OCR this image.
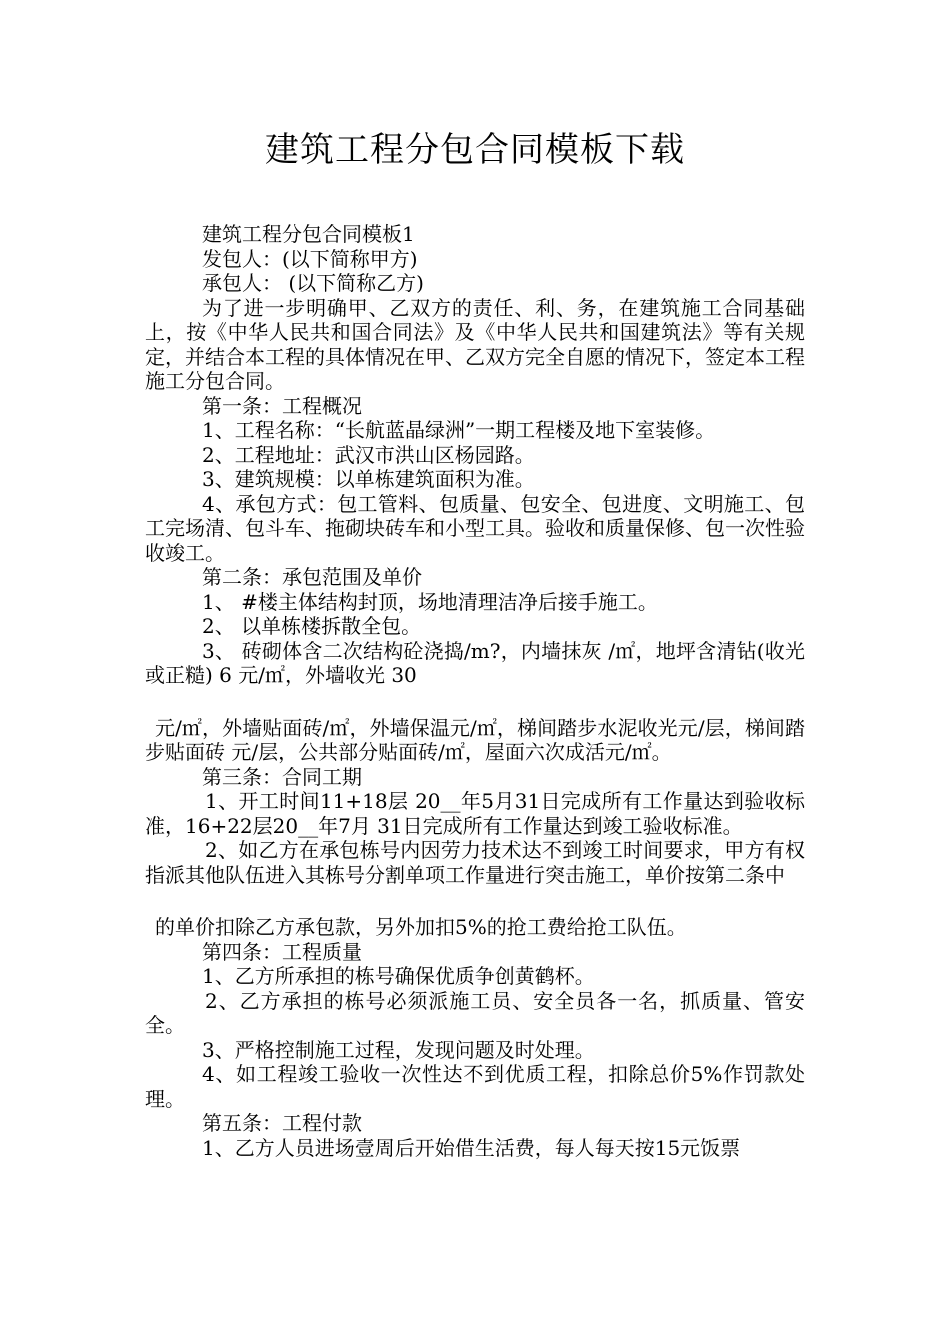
建筑工程分包合同模板下载

建筑工程分包合同模板1

发包人：(以下简称甲方)

承包人： (以下简称乙方)

为了进一步明确甲、乙双方的责任、利、务，在建筑施工合同基础上，按《中华人民共和国合同法》及《中华人民共和国建筑法》等有关规定，并结合本工程的具体情况在甲、乙双方完全自愿的情况下，签定本工程施工分包合同。

第一条：工程概况

1、工程名称：“长航蓝晶绿洲”一期工程楼及地下室装修。

2、工程地址：武汉市洪山区杨园路。

3、建筑规模：以单栋建筑面积为准。

4、承包方式：包工管料、包质量、包安全、包进度、文明施工、包工完场清、包斗车、拖砌块砖车和小型工具。验收和质量保修、包一次性验收竣工。

第二条：承包范围及单价

1、 #楼主体结构封顶，场地清理洁净后接手施工。

2、 以单栋楼拆散全包。

3、 砖砌体含二次结构砼浇捣/m?，内墙抹灰 /㎡，地坪含清钻(收光或正糙) 6 元/㎡，外墙收光 30

元/㎡，外墙贴面砖/㎡，外墙保温元/㎡，梯间踏步水泥收光元/层，梯间踏步贴面砖 元/层，公共部分贴面砖/㎡，屋面六次成活元/㎡。

第三条：合同工期

1、开工时间11+18层 20__年5月31日完成所有工作量达到验收标准，16+22层20__年7月 31日完成所有工作量达到竣工验收标准。

2、如乙方在承包栋号内因劳力技术达不到竣工时间要求，甲方有权 指派其他队伍进入其栋号分割单项工作量进行突击施工，单价按第二条中

的单价扣除乙方承包款，另外加扣5%的抢工费给抢工队伍。

第四条：工程质量

1、乙方所承担的栋号确保优质争创黄鹤杯。

2、乙方承担的栋号必须派施工员、安全员各一名，抓质量、管安全。

3、严格控制施工过程，发现问题及时处理。

4、如工程竣工验收一次性达不到优质工程，扣除总价5%作罚款处理。

第五条：工程付款

1、乙方人员进场壹周后开始借生活费，每人每天按15元饭票
